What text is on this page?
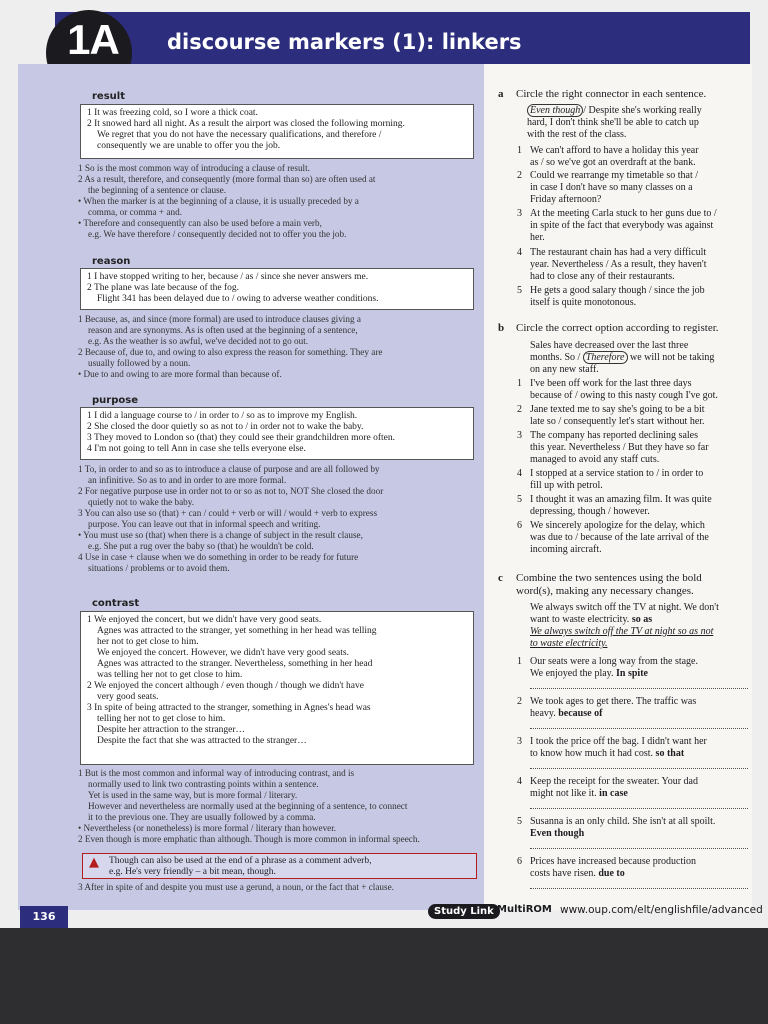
1A	discourse markers (1): linkers
result
1 It was freezing cold, so I wore a thick coat.
2 It snowed hard all night. As a result the airport was closed the following morning.
We regret that you do not have the necessary qualifications, and therefore /
consequently we are unable to offer you the job.

1 So is the most common way of introducing a clause of result.

2 As a result, therefore, and consequently (more formal than so) are often used at

the beginning of a sentence or clause.

• When the marker is at the beginning of a clause, it is usually preceded by a

comma, or comma + and.

• Therefore and consequently can also be used before a main verb,

e.g. We have therefore / consequently decided not to offer you the job.

reason
1 I have stopped writing to her, because / as / since she never answers me.
2 The plane was late because of the fog.
Flight 341 has been delayed due to / owing to adverse weather conditions.

1 Because, as, and since (more formal) are used to introduce clauses giving a

reason and are synonyms. As is often used at the beginning of a sentence,

e.g. As the weather is so awful, we've decided not to go out.

2 Because of, due to, and owing to also express the reason for something. They are

usually followed by a noun.

• Due to and owing to are more formal than because of.

purpose
1 I did a language course to / in order to / so as to improve my English.
2 She closed the door quietly so as not to / in order not to wake the baby.
3 They moved to London so (that) they could see their grandchildren more often.
4 I'm not going to tell Ann in case she tells everyone else.

1 To, in order to and so as to introduce a clause of purpose and are all followed by

an infinitive. So as to and in order to are more formal.

2 For negative purpose use in order not to or so as not to, NOT She closed the door

quietly not to wake the baby.

3 You can also use so (that) + can / could + verb or will / would + verb to express

purpose. You can leave out that in informal speech and writing.

• You must use so (that) when there is a change of subject in the result clause,

e.g. She put a rug over the baby so (that) he wouldn't be cold.

4 Use in case + clause when we do something in order to be ready for future

situations / problems or to avoid them.

contrast
1 We enjoyed the concert, but we didn't have very good seats.
Agnes was attracted to the stranger, yet something in her head was telling
her not to get close to him.
We enjoyed the concert. However, we didn't have very good seats.
Agnes was attracted to the stranger. Nevertheless, something in her head
was telling her not to get close to him.
2 We enjoyed the concert although / even though / though we didn't have
very good seats.
3 In spite of being attracted to the stranger, something in Agnes's head was
telling her not to get close to him.
Despite her attraction to the stranger…
Despite the fact that she was attracted to the stranger…

1 But is the most common and informal way of introducing contrast, and is

normally used to link two contrasting points within a sentence.

Yet is used in the same way, but is more formal / literary.

However and nevertheless are normally used at the beginning of a sentence, to connect

it to the previous one. They are usually followed by a comma.

• Nevertheless (or nonetheless) is more formal / literary than however.

2 Even though is more emphatic than although. Though is more common in informal speech.

▲ Though can also be used at the end of a phrase as a comment adverb,
e.g. He's very friendly – a bit mean, though.
3 After in spite of and despite you must use a gerund, a noun, or the fact that + clause.
a Circle the right connector in each sentence.
Even though / Despite she's working really
hard, I don't think she'll be able to catch up
with the rest of the class.
1 We can't afford to have a holiday this year
as / so we've got an overdraft at the bank.
2 Could we rearrange my timetable so that /
in case I don't have so many classes on a
Friday afternoon?
3 At the meeting Carla stuck to her guns due to /
in spite of the fact that everybody was against
her.
4 The restaurant chain has had a very difficult
year. Nevertheless / As a result, they haven't
had to close any of their restaurants.
5 He gets a good salary though / since the job
itself is quite monotonous.
b Circle the correct option according to register.
Sales have decreased over the last three
months. So / Therefore we will not be taking
on any new staff.
1 I've been off work for the last three days
because of / owing to this nasty cough I've got.
2 Jane texted me to say she's going to be a bit
late so / consequently let's start without her.
3 The company has reported declining sales
this year. Nevertheless / But they have so far
managed to avoid any staff cuts.
4 I stopped at a service station to / in order to
fill up with petrol.
5 I thought it was an amazing film. It was quite
depressing, though / however.
6 We sincerely apologize for the delay, which
was due to / because of the late arrival of the
incoming aircraft.
c Combine the two sentences using the bold
word(s), making any necessary changes.
We always switch off the TV at night. We don't
want to waste electricity. so as
We always switch off the TV at night so as not
to waste electricity.
1 Our seats were a long way from the stage.
We enjoyed the play. In spite
2 We took ages to get there. The traffic was
heavy. because of
3 I took the price off the bag. I didn't want her
to know how much it had cost. so that
4 Keep the receipt for the sweater. Your dad
might not like it. in case
5 Susanna is an only child. She isn't at all spoilt.
Even though
6 Prices have increased because production
costs have risen. due to
136	Study Link MultiROM www.oup.com/elt/englishfile/advanced
